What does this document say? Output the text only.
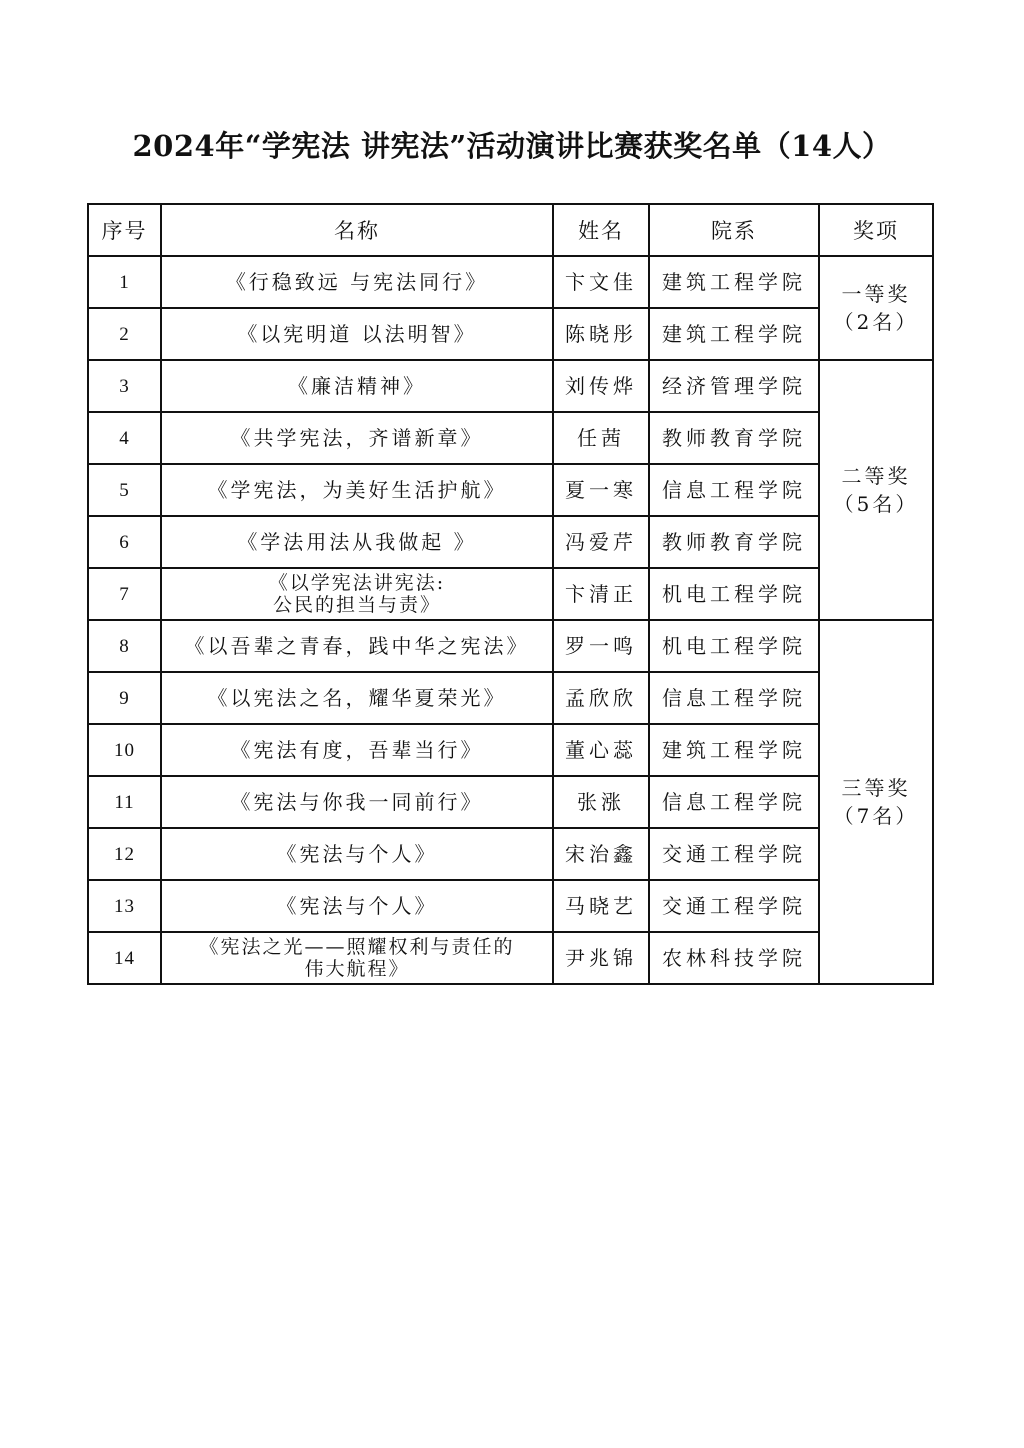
2024年“学宪法 讲宪法”活动演讲比赛获奖名单（14人）
序号	名称	姓名	院系	奖项
1	《行稳致远 与宪法同行》	卞文佳	建筑工程学院	一等奖
（2名）

2	《以宪明道 以法明智》	陈晓彤	建筑工程学院	
3	《廉洁精神》	刘传烨	经济管理学院	二等奖
（5名）

4	《共学宪法，齐谱新章》	任茜	教师教育学院	
5	《学宪法，为美好生活护航》	夏一寒	信息工程学院	
6	《学法用法从我做起 》	冯爱芹	教师教育学院	
7	《以学宪法讲宪法:
公民的担当与责》	卞清正	机电工程学院	
8	《以吾辈之青春，践中华之宪法》	罗一鸣	机电工程学院	三等奖
（7名）

9	《以宪法之名，耀华夏荣光》	孟欣欣	信息工程学院	
10	《宪法有度，吾辈当行》	董心蕊	建筑工程学院	
11	《宪法与你我一同前行》	张涨	信息工程学院	
12	《宪法与个人》	宋治鑫	交通工程学院	
13	《宪法与个人》	马晓艺	交通工程学院	
14	《宪法之光——照耀权利与责任的
伟大航程》	尹兆锦	农林科技学院	
